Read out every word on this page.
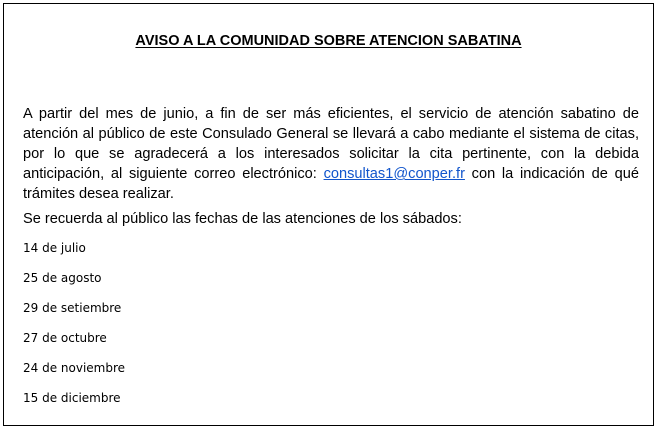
AVISO A LA COMUNIDAD SOBRE ATENCION SABATINA

A partir del mes de junio, a fin de ser más eficientes, el servicio de atención sabatino de atención al público de este Consulado General se llevará a cabo mediante el sistema de citas, por lo que se agradecerá a los interesados solicitar la cita pertinente, con la debida anticipación, al siguiente correo electrónico: consultas1@conper.fr con la indicación de qué trámites desea realizar.

Se recuerda al público las fechas de las atenciones de los sábados:

14 de julio
25 de agosto
29 de setiembre
27 de octubre
24 de noviembre
15 de diciembre
